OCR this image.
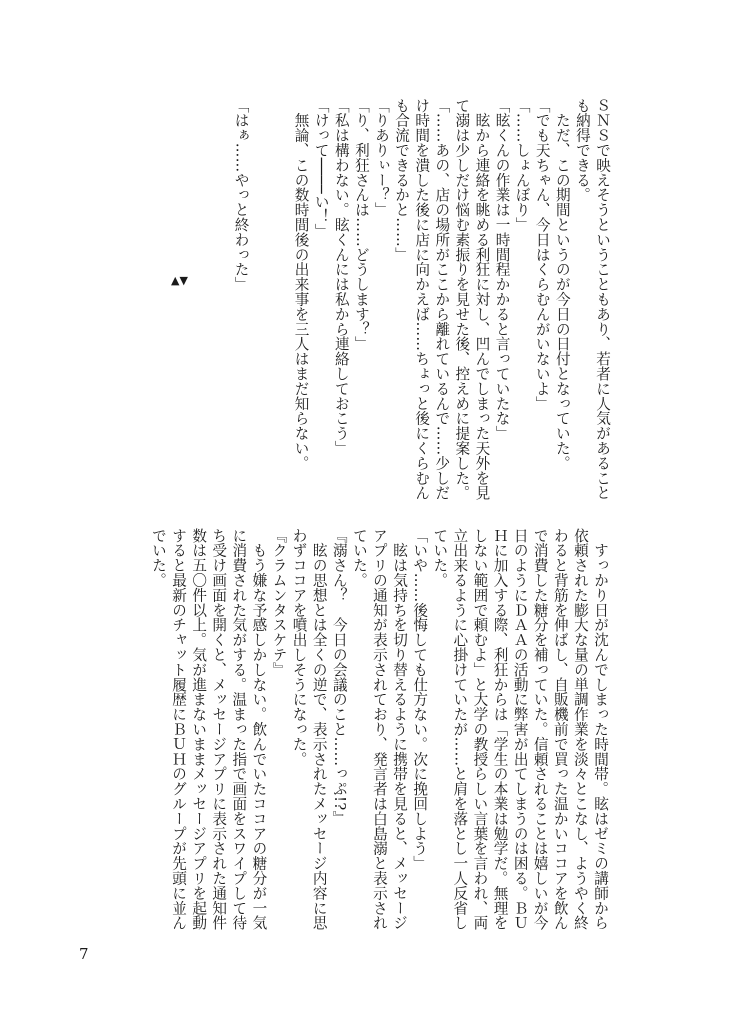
ＳＮＳで映えそうということもあり、若者に人気があること

も納得できる。

　ただ、この期間というのが今日の日付となっていた。

「でも天ちゃん、今日はくらむんがいないよ」

「……しょんぼり」

「眩くんの作業は一時間程かかると言っていたな」

　眩から連絡を眺める利狂に対し、凹んでしまった天外を見

て溺は少しだけ悩む素振りを見せた後、控えめに提案した。

「……あの、店の場所がここから離れているんで……少しだ

け時間を潰した後に店に向かえば……ちょっと後にくらむん

も合流できるかと……」

「りありぃー？」

「り、利狂さんは……どうします？」

「私は構わない。眩くんには私から連絡しておこう」

「けって────い！」

　無論、この数時間後の出来事を三人はまだ知らない。

「はぁ……やっと終わった」

▲▼

　すっかり日が沈んでしまった時間帯。眩はゼミの講師から

依頼された膨大な量の単調作業を淡々とこなし、ようやく終

わると背筋を伸ばし、自販機前で買った温かいココアを飲ん

で消費した糖分を補っていた。信頼されることは嬉しいが今

日のようにＤＡＡの活動に弊害が出てしまうのは困る。ＢＵ

Ｈに加入する際、利狂からは「学生の本業は勉学だ。無理を

しない範囲で頼むよ」と大学の教授らしい言葉を言われ、両

立出来るように心掛けていたが……と肩を落とし一人反省し

ていた。

「いや……後悔しても仕方ない。次に挽回しよう」

　眩は気持ちを切り替えるように携帯を見ると、メッセージ

アプリの通知が表示されており、発言者は白島溺と表示され

ていた。

『溺さん？　今日の会議のこと……っぷ!?』

　眩の思想とは全くの逆で、表示されたメッセージ内容に思

わずココアを噴出しそうになった。

『クラムンタスケテ』

　もう嫌な予感しかしない。飲んでいたココアの糖分が一気

に消費された気がする。温まった指で画面をスワイプして待

ち受け画面を開くと、メッセージアプリに表示された通知件

数は五〇件以上。気が進まないままメッセージアプリを起動

すると最新のチャット履歴にＢＵＨのグループが先頭に並ん

でいた。

7
